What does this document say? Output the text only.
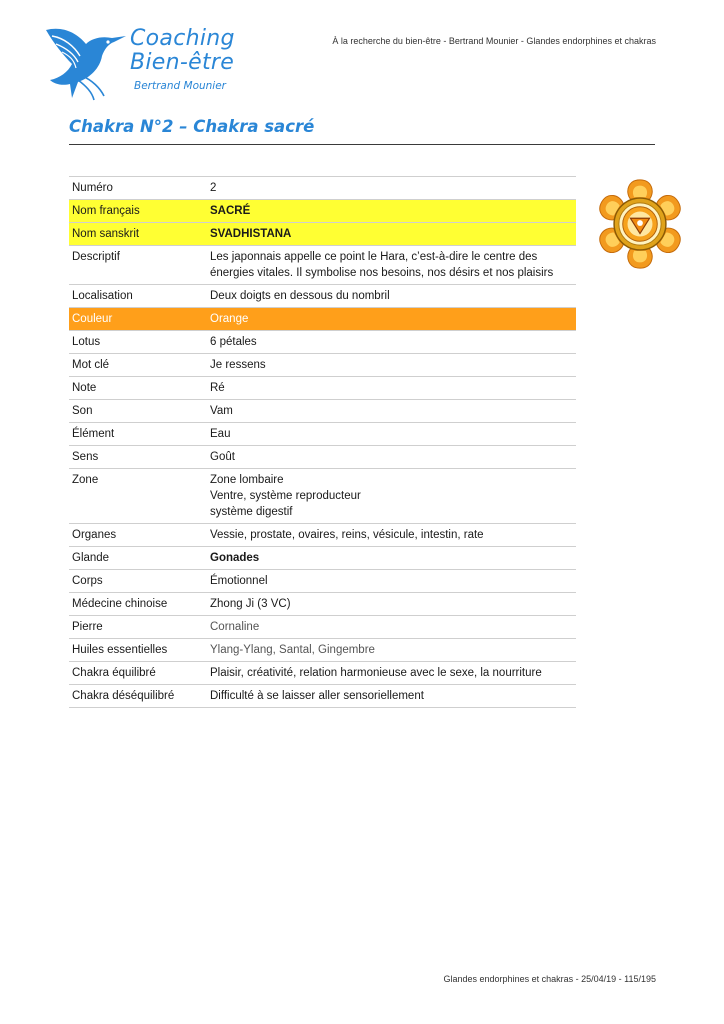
Coaching
Bien-être
Bertrand Mounier
À la recherche du bien-être - Bertrand Mounier - Glandes endorphines et chakras
Chakra N°2 – Chakra sacré
Numéro	2
Nom français	SACRÉ
Nom sanskrit	SVADHISTANA
Descriptif	Les japonnais appelle ce point le Hara, c’est-à-dire le centre des énergies vitales. Il symbolise nos besoins, nos désirs et nos plaisirs
Localisation	Deux doigts en dessous du nombril
Couleur	Orange
Lotus	6 pétales
Mot clé	Je ressens
Note	Ré
Son	Vam
Élément	Eau
Sens	Goût
Zone	Zone lombaire
Ventre, système reproducteur
système digestif

Organes	Vessie, prostate, ovaires, reins, vésicule, intestin, rate
Glande	Gonades
Corps	Émotionnel
Médecine chinoise	Zhong Ji (3 VC)
Pierre	Cornaline
Huiles essentielles	Ylang-Ylang, Santal, Gingembre
Chakra équilibré	Plaisir, créativité, relation harmonieuse avec le sexe, la nourriture
Chakra déséquilibré	Difficulté à se laisser aller sensoriellement
Glandes endorphines et chakras - 25/04/19 - 115/195
